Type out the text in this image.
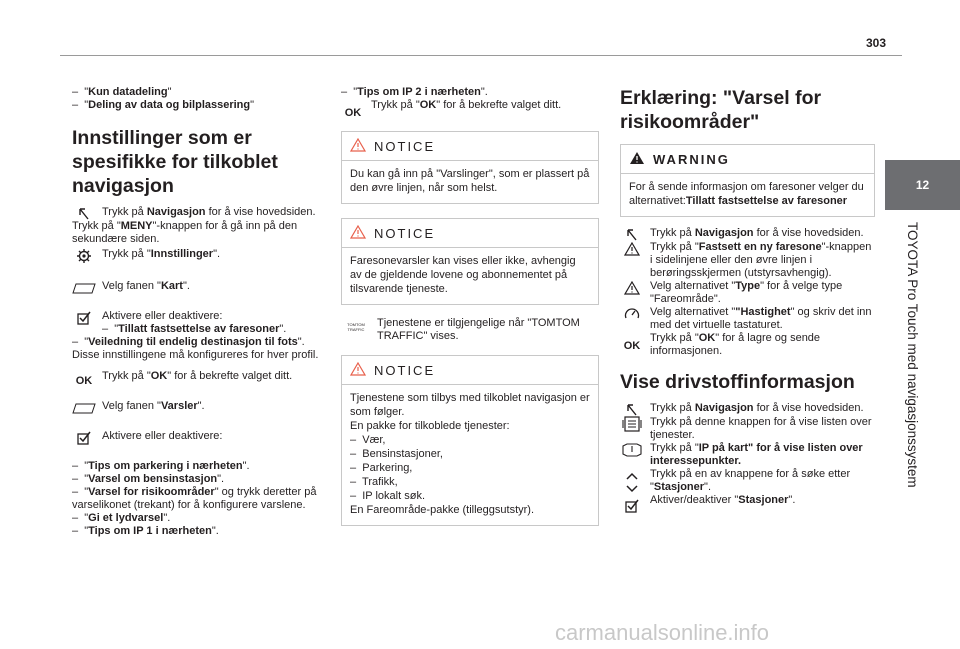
303
12
TOYOTA Pro Touch med navigasjonssystem

–  "Kun datadeling"

–  "Deling av data og bilplassering"

Innstillinger som er spesifikke for tilkoblet navigasjon
Trykk på Navigasjon for å vise hovedsiden.

Trykk på "MENY"-knappen for å gå inn på den sekundære siden.

Trykk på "Innstillinger".
Velg fanen "Kart".
Aktivere eller deaktivere:
–  "Tillatt fastsettelse av faresoner".

–  "Veiledning til endelig destinasjon til fots".

Disse innstillingene må konfigureres for hver profil.

OK Trykk på "OK" for å bekrefte valget ditt.
Velg fanen "Varsler".
Aktivere eller deaktivere:

–  "Tips om parkering i nærheten".

–  "Varsel om bensinstasjon".

–  "Varsel for risikoområder" og trykk deretter på varselikonet (trekant) for å konfigurere varslene.

–  "Gi et lydvarsel".

–  "Tips om IP 1 i nærheten".

–  "Tips om IP 2 i nærheten".

OK
Trykk på "OK" for å bekrefte valget ditt.
NOTICE
Du kan gå inn på "Varslinger", som er plassert på den øvre linjen, når som helst.
NOTICE
Faresonevarsler kan vises eller ikke, avhengig av de gjeldende lovene og abonnementet på tilsvarende tjeneste.
TOMTOM TRAFFIC
Tjenestene er tilgjengelige når "TOMTOM TRAFFIC" vises.
NOTICE
Tjenestene som tilbys med tilkoblet navigasjon er som følger.
En pakke for tilkoblede tjenester:
–  Vær,
–  Bensinstasjoner,
–  Parkering,
–  Trafikk,
–  IP lokalt søk.
En Fareområde-pakke (tilleggsutstyr).
Erklæring: "Varsel for risikoområder"
WARNING
For å sende informasjon om faresoner velger du alternativet:Tillatt fastsettelse av faresoner
Trykk på Navigasjon for å vise hovedsiden.
Trykk på "Fastsett en ny faresone"-knappen i sidelinjene eller den øvre linjen i berøringsskjermen (utstyrsavhengig).
Velg alternativet "Type" for å velge type "Fareområde".
Velg alternativet ""Hastighet" og skriv det inn med det virtuelle tastaturet.
OK
Trykk på "OK" for å lagre og sende informasjonen.
Vise drivstoffinformasjon
Trykk på Navigasjon for å vise hovedsiden.
Trykk på denne knappen for å vise listen over tjenester.
Trykk på "IP på kart" for å vise listen over interessepunkter.
Trykk på en av knappene for å søke etter "Stasjoner".
Aktiver/deaktiver "Stasjoner".
carmanualsonline.info
